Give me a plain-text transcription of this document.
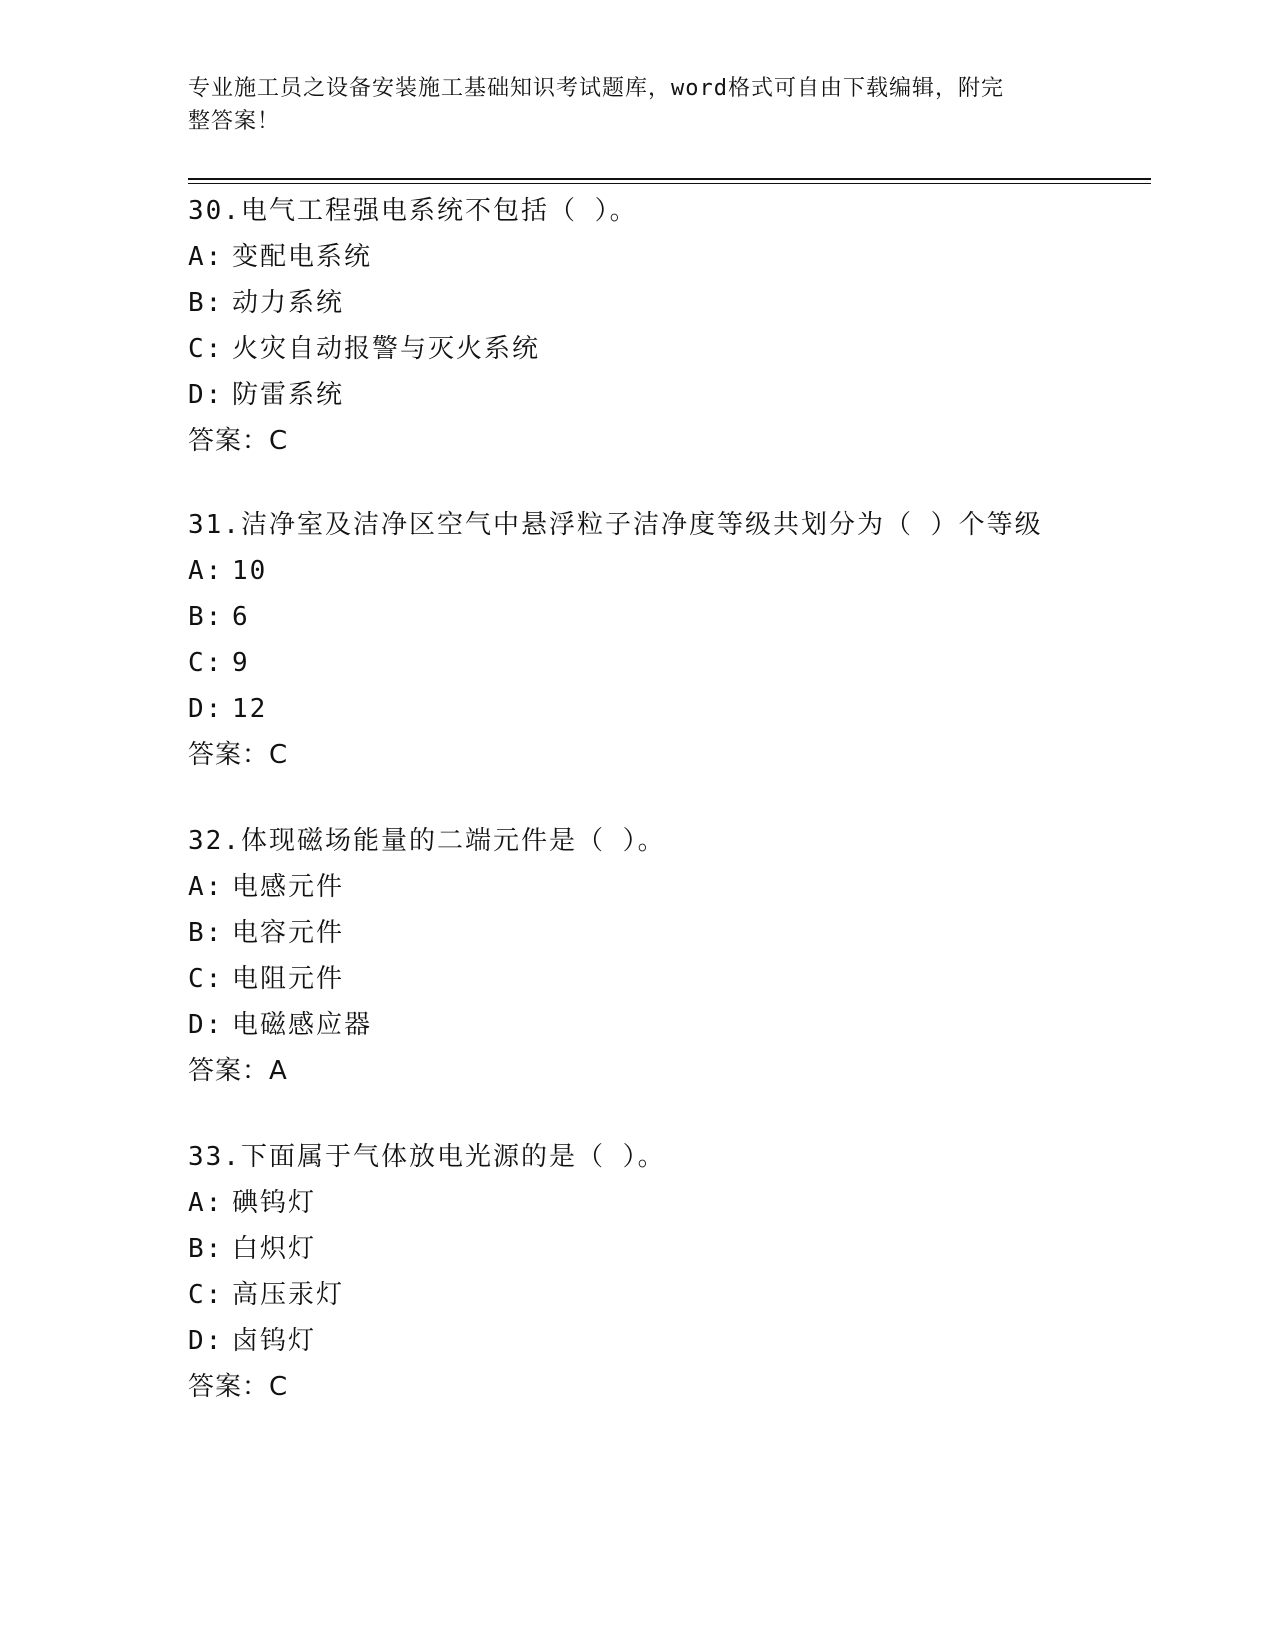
专业施工员之设备安装施工基础知识考试题库，word格式可自由下载编辑，附完
整答案！

30.电气工程强电系统不包括（ ）。

A: 变配电系统

B: 动力系统

C: 火灾自动报警与灭火系统

D: 防雷系统

答案：C

31.洁净室及洁净区空气中悬浮粒子洁净度等级共划分为（ ）个等级

A: 10

B: 6

C: 9

D: 12

答案：C

32.体现磁场能量的二端元件是（ ）。

A: 电感元件

B: 电容元件

C: 电阻元件

D: 电磁感应器

答案：A

33.下面属于气体放电光源的是（ ）。

A: 碘钨灯

B: 白炽灯

C: 高压汞灯

D: 卤钨灯

答案：C
